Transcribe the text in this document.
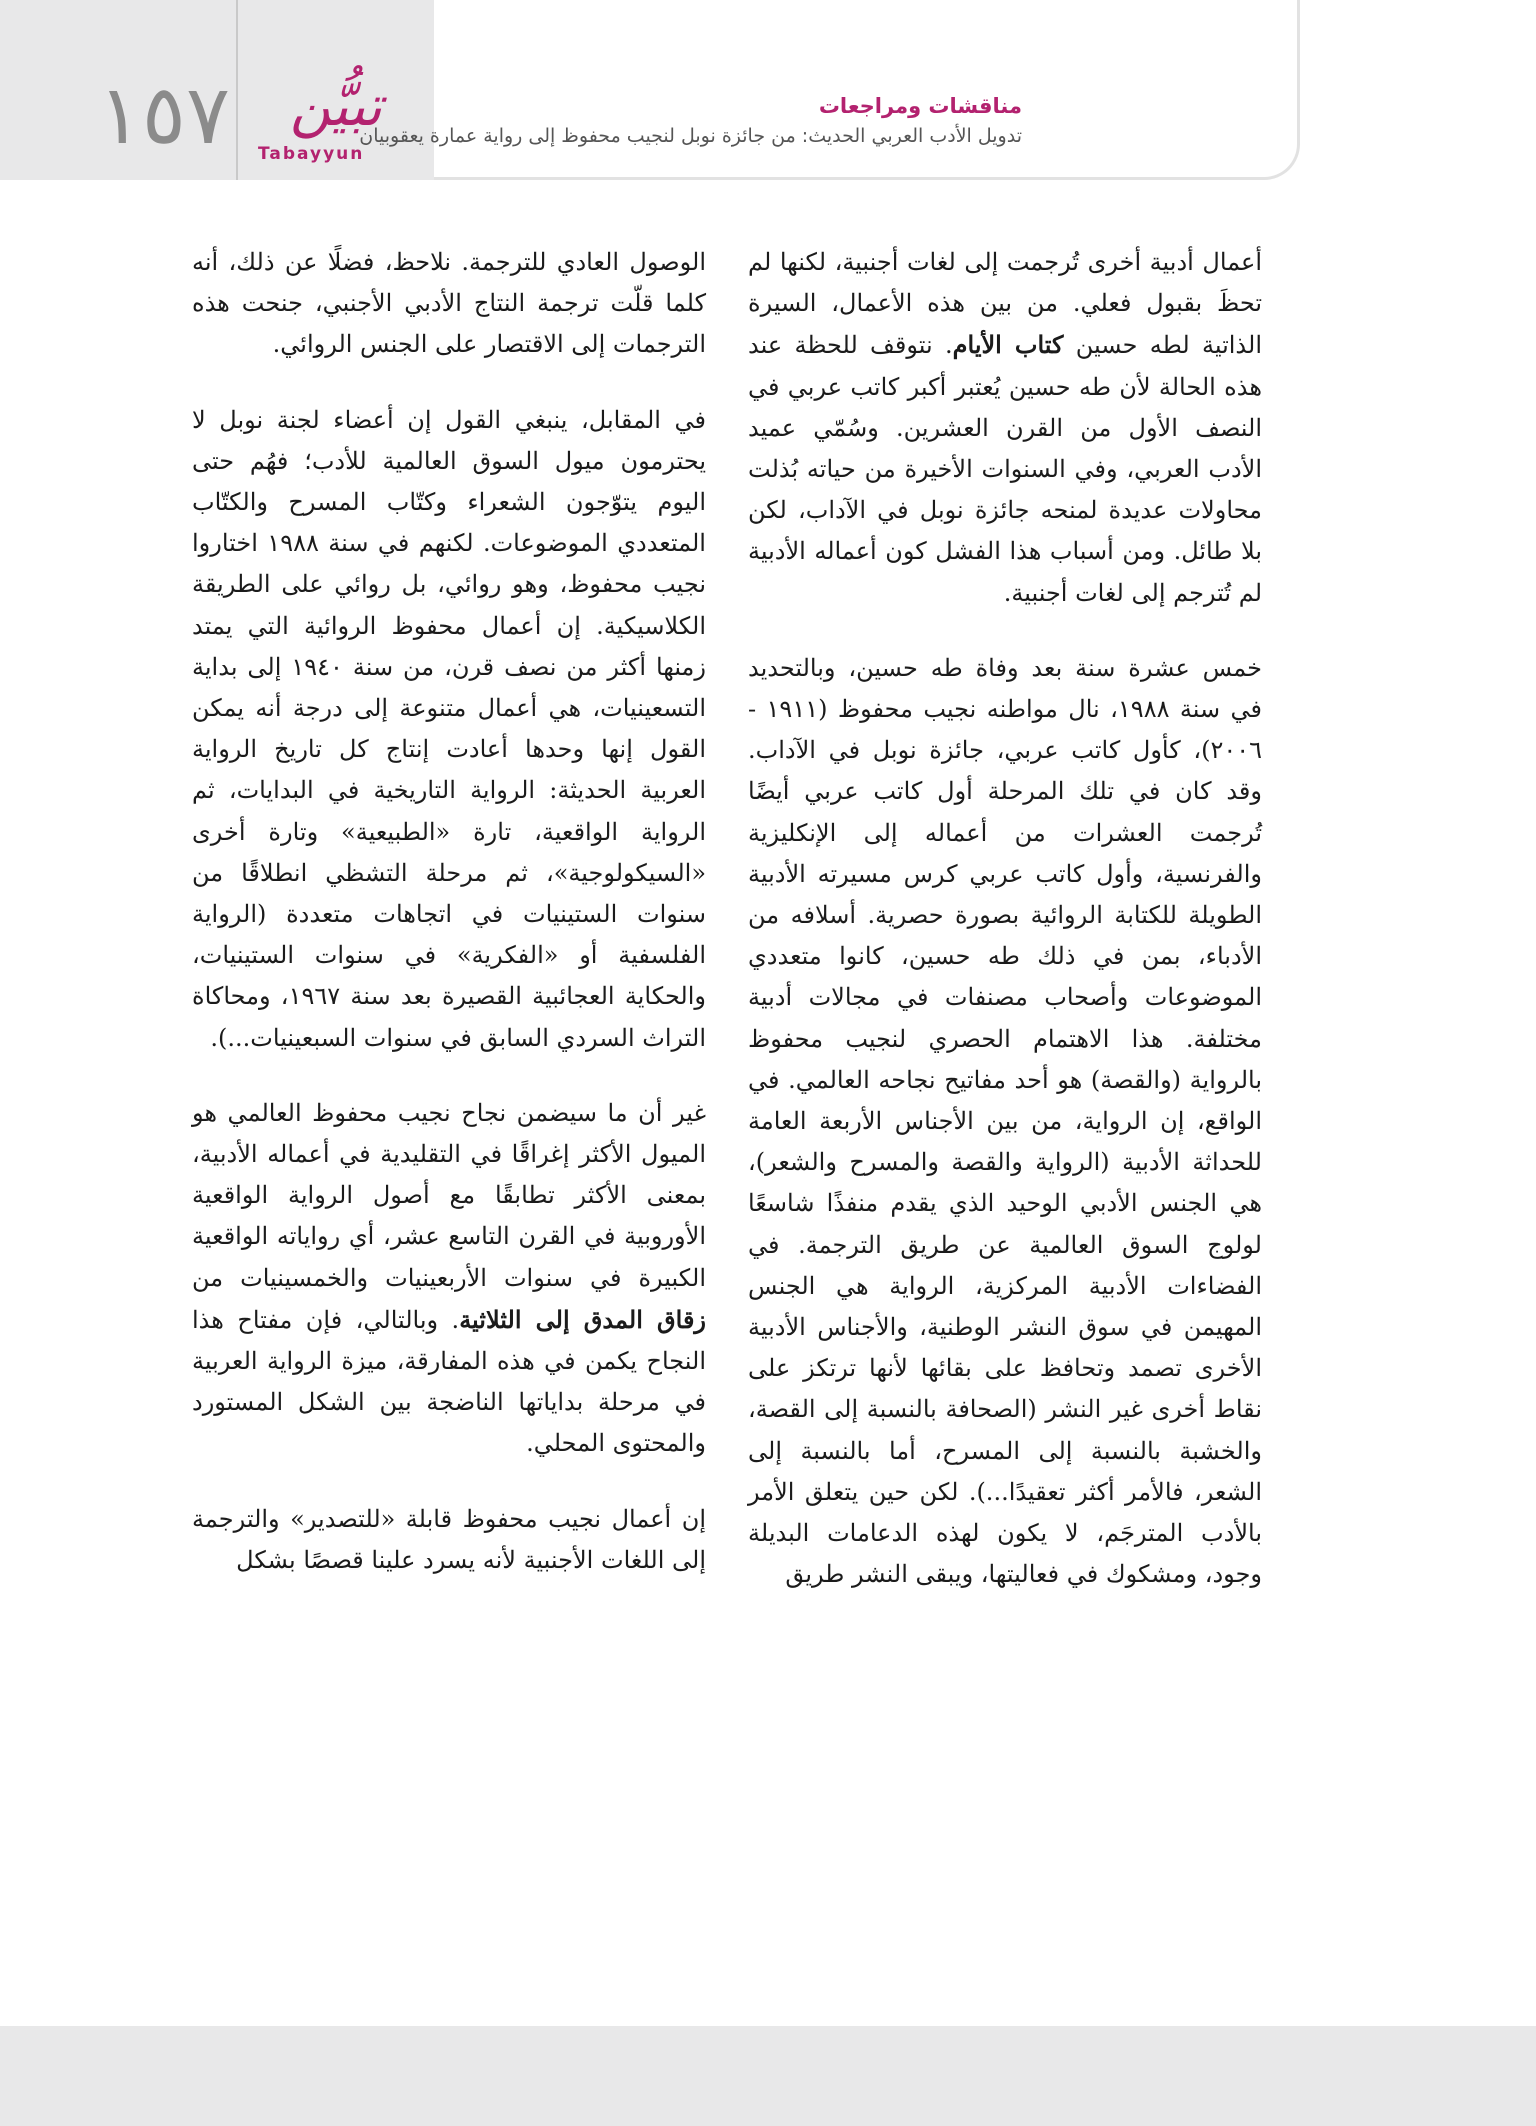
١٥٧	تبيُّن
Tabayyun
مناقشات ومراجعات
تدويل الأدب العربي الحديث: من جائزة نوبل لنجيب محفوظ إلى رواية عمارة يعقوبيان

أعمال أدبية أخرى تُرجمت إلى لغات أجنبية، لكنها لم تحظَ بقبول فعلي. من بين هذه الأعمال، السيرة الذاتية لطه حسين كتاب الأيام. نتوقف للحظة عند هذه الحالة لأن طه حسين يُعتبر أكبر كاتب عربي في النصف الأول من القرن العشرين. وسُمّي عميد الأدب العربي، وفي السنوات الأخيرة من حياته بُذلت محاولات عديدة لمنحه جائزة نوبل في الآداب، لكن بلا طائل. ومن أسباب هذا الفشل كون أعماله الأدبية لم تُترجم إلى لغات أجنبية.

خمس عشرة سنة بعد وفاة طه حسين، وبالتحديد في سنة ١٩٨٨، نال مواطنه نجيب محفوظ (١٩١١ - ٢٠٠٦)، كأول كاتب عربي، جائزة نوبل في الآداب. وقد كان في تلك المرحلة أول كاتب عربي أيضًا تُرجمت العشرات من أعماله إلى الإنكليزية والفرنسية، وأول كاتب عربي كرس مسيرته الأدبية الطويلة للكتابة الروائية بصورة حصرية. أسلافه من الأدباء، بمن في ذلك طه حسين، كانوا متعددي الموضوعات وأصحاب مصنفات في مجالات أدبية مختلفة. هذا الاهتمام الحصري لنجيب محفوظ بالرواية (والقصة) هو أحد مفاتيح نجاحه العالمي. في الواقع، إن الرواية، من بين الأجناس الأربعة العامة للحداثة الأدبية (الرواية والقصة والمسرح والشعر)، هي الجنس الأدبي الوحيد الذي يقدم منفذًا شاسعًا لولوج السوق العالمية عن طريق الترجمة. في الفضاءات الأدبية المركزية، الرواية هي الجنس المهيمن في سوق النشر الوطنية، والأجناس الأدبية الأخرى تصمد وتحافظ على بقائها لأنها ترتكز على نقاط أخرى غير النشر (الصحافة بالنسبة إلى القصة، والخشبة بالنسبة إلى المسرح، أما بالنسبة إلى الشعر، فالأمر أكثر تعقيدًا...). لكن حين يتعلق الأمر بالأدب المترجَم، لا يكون لهذه الدعامات البديلة وجود، ومشكوك في فعاليتها، ويبقى النشر طريق

الوصول العادي للترجمة. نلاحظ، فضلًا عن ذلك، أنه كلما قلّت ترجمة النتاج الأدبي الأجنبي، جنحت هذه الترجمات إلى الاقتصار على الجنس الروائي.

في المقابل، ينبغي القول إن أعضاء لجنة نوبل لا يحترمون ميول السوق العالمية للأدب؛ فهُم حتى اليوم يتوّجون الشعراء وكتّاب المسرح والكتّاب المتعددي الموضوعات. لكنهم في سنة ١٩٨٨ اختاروا نجيب محفوظ، وهو روائي، بل روائي على الطريقة الكلاسيكية. إن أعمال محفوظ الروائية التي يمتد زمنها أكثر من نصف قرن، من سنة ١٩٤٠ إلى بداية التسعينيات، هي أعمال متنوعة إلى درجة أنه يمكن القول إنها وحدها أعادت إنتاج كل تاريخ الرواية العربية الحديثة: الرواية التاريخية في البدايات، ثم الرواية الواقعية، تارة «الطبيعية» وتارة أخرى «السيكولوجية»، ثم مرحلة التشظي انطلاقًا من سنوات الستينيات في اتجاهات متعددة (الرواية الفلسفية أو «الفكرية» في سنوات الستينيات، والحكاية العجائبية القصيرة بعد سنة ١٩٦٧، ومحاكاة التراث السردي السابق في سنوات السبعينيات...).

غير أن ما سيضمن نجاح نجيب محفوظ العالمي هو الميول الأكثر إغراقًا في التقليدية في أعماله الأدبية، بمعنى الأكثر تطابقًا مع أصول الرواية الواقعية الأوروبية في القرن التاسع عشر، أي رواياته الواقعية الكبيرة في سنوات الأربعينيات والخمسينيات من زقاق المدق إلى الثلاثية. وبالتالي، فإن مفتاح هذا النجاح يكمن في هذه المفارقة، ميزة الرواية العربية في مرحلة بداياتها الناضجة بين الشكل المستورد والمحتوى المحلي.

إن أعمال نجيب محفوظ قابلة «للتصدير» والترجمة إلى اللغات الأجنبية لأنه يسرد علينا قصصًا بشكل
